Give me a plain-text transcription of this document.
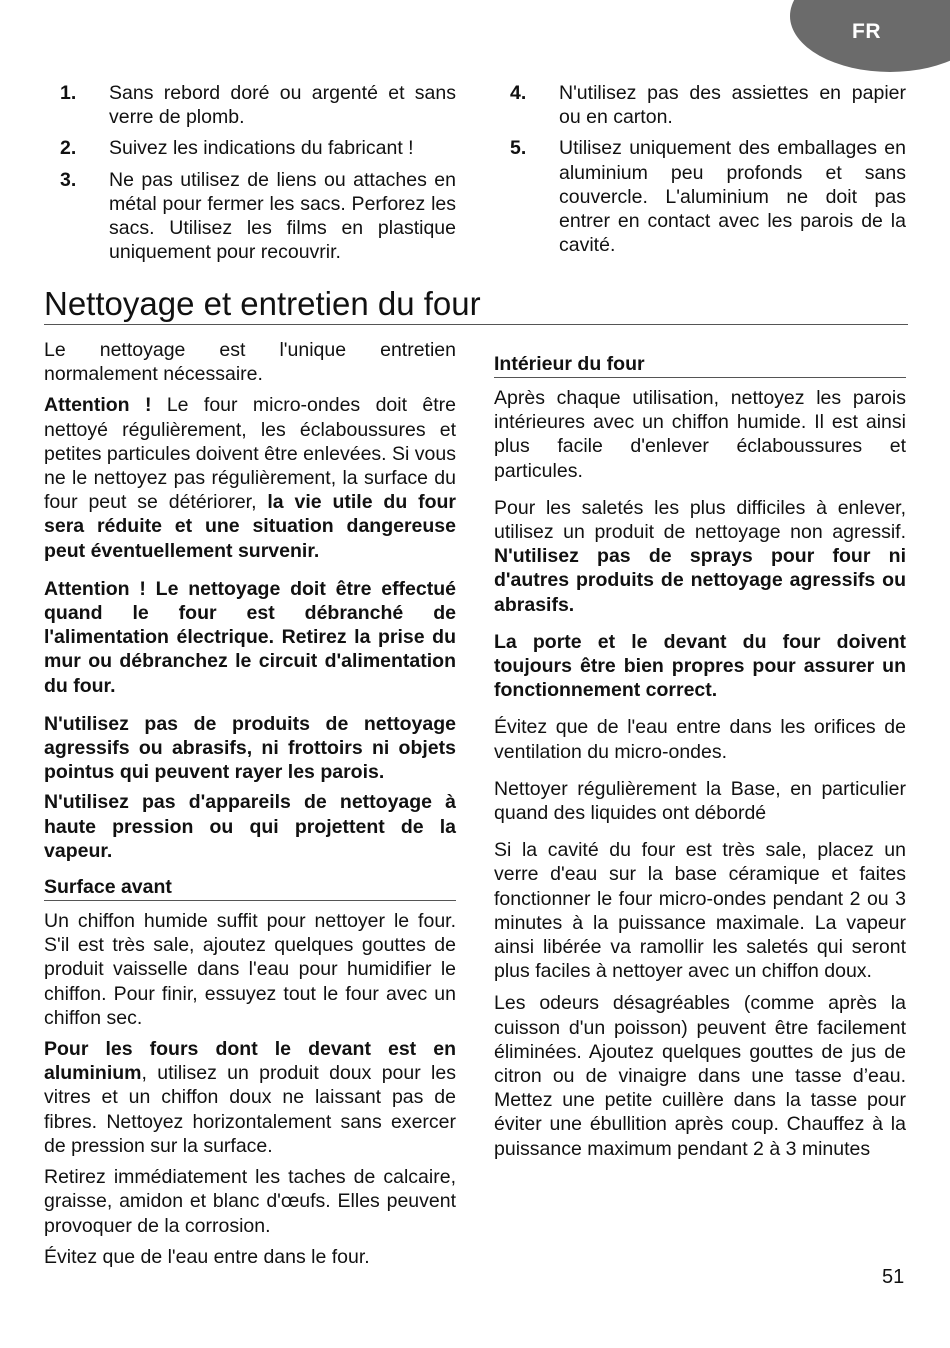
FR
1. Sans rebord doré ou argenté et sans verre de plomb.
2. Suivez les indications du fabricant !
3. Ne pas utilisez de liens ou attaches en métal pour fermer les sacs. Perforez les sacs. Utilisez les films en plastique uniquement pour recouvrir.
4. N'utilisez pas des assiettes en papier ou en carton.
5. Utilisez uniquement des emballages en aluminium peu profonds et sans couvercle. L'aluminium ne doit pas entrer en contact avec les parois de la cavité.
Nettoyage et entretien du four

Le nettoyage est l'unique entretien normalement nécessaire.

Attention ! Le four micro-ondes doit être nettoyé régulièrement, les éclaboussures et petites particules doivent être enlevées. Si vous ne le nettoyez pas régulièrement, la surface du four peut se détériorer, la vie utile du four sera réduite et une situation dangereuse peut éventuellement survenir.

Attention ! Le nettoyage doit être effectué quand le four est débranché de l'alimentation électrique. Retirez la prise du mur ou débranchez le circuit d'alimentation du four.

N'utilisez pas de produits de nettoyage agressifs ou abrasifs, ni frottoirs ni objets pointus qui peuvent rayer les parois.

N'utilisez pas d'appareils de nettoyage à haute pression ou qui projettent de la vapeur.

Surface avant

Un chiffon humide suffit pour nettoyer le four. S'il est très sale, ajoutez quelques gouttes de produit vaisselle dans l'eau pour humidifier le chiffon. Pour finir, essuyez tout le four avec un chiffon sec.

Pour les fours dont le devant est en aluminium, utilisez un produit doux pour les vitres et un chiffon doux ne laissant pas de fibres. Nettoyez horizontalement sans exercer de pression sur la surface.

Retirez immédiatement les taches de calcaire, graisse, amidon et blanc d'œufs. Elles peuvent provoquer de la corrosion.

Évitez que de l'eau entre dans le four.

Intérieur du four

Après chaque utilisation, nettoyez les parois intérieures avec un chiffon humide. Il est ainsi plus facile d'enlever éclaboussures et particules.

Pour les saletés les plus difficiles à enlever, utilisez un produit de nettoyage non agressif. N'utilisez pas de sprays pour four ni d'autres produits de nettoyage agressifs ou abrasifs.

La porte et le devant du four doivent toujours être bien propres pour assurer un fonctionnement correct.

Évitez que de l'eau entre dans les orifices de ventilation du micro-ondes.

Nettoyer régulièrement la Base, en particulier quand des liquides ont débordé

Si la cavité du four est très sale, placez un verre d'eau sur la base céramique et faites fonctionner le four micro-ondes pendant 2 ou 3 minutes à la puissance maximale. La vapeur ainsi libérée va ramollir les saletés qui seront plus faciles à nettoyer avec un chiffon doux.

Les odeurs désagréables (comme après la cuisson d'un poisson) peuvent être facilement éliminées. Ajoutez quelques gouttes de jus de citron ou de vinaigre dans une tasse d’eau. Mettez une petite cuillère dans la tasse pour éviter une ébullition après coup. Chauffez à la puissance maximum pendant 2 à 3 minutes

51
